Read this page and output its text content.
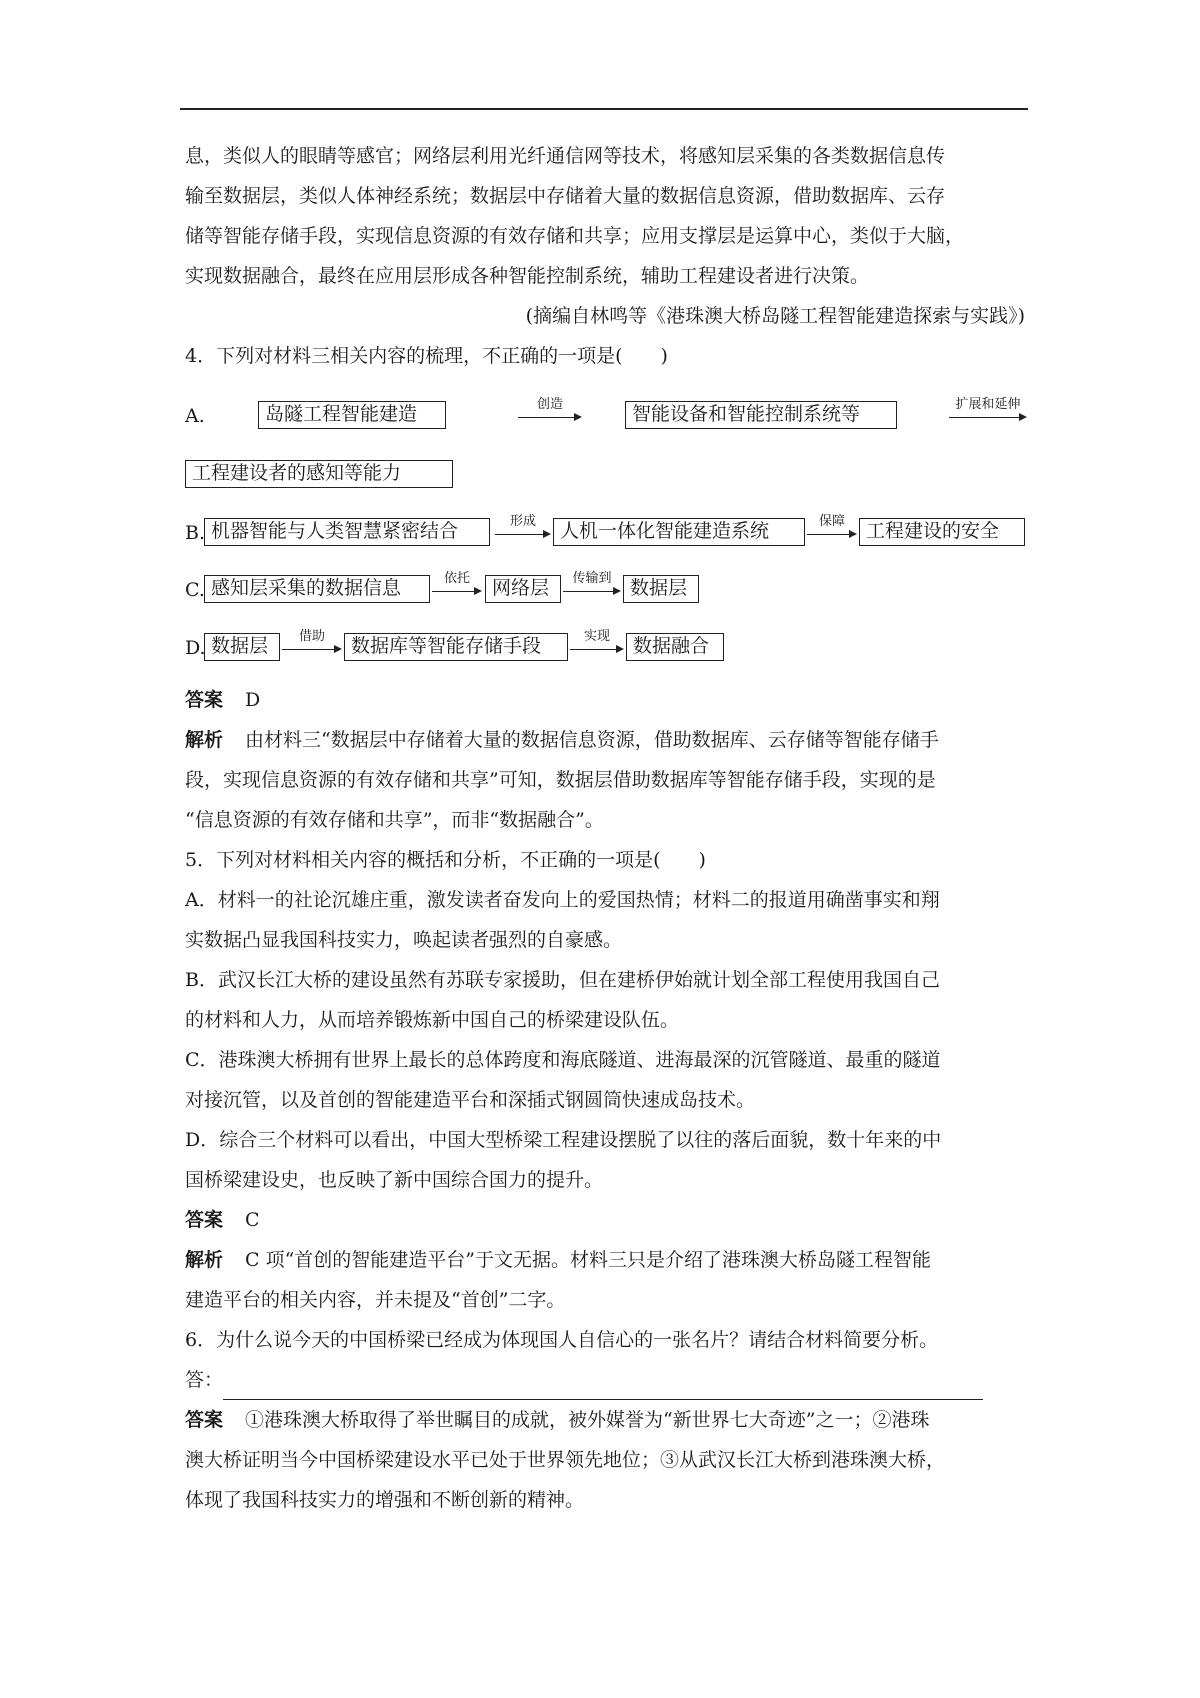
息，类似人的眼睛等感官；网络层利用光纤通信网等技术，将感知层采集的各类数据信息传

输至数据层，类似人体神经系统；数据层中存储着大量的数据信息资源，借助数据库、云存

储等智能存储手段，实现信息资源的有效存储和共享；应用支撑层是运算中心，类似于大脑，

实现数据融合，最终在应用层形成各种智能控制系统，辅助工程建设者进行决策。

(摘编自林鸣等《港珠澳大桥岛隧工程智能建造探索与实践》)

4．下列对材料三相关内容的梳理，不正确的一项是(　　)

A.	岛隧工程智能建造	创造	智能设备和智能控制系统等	扩展和延伸
工程建设者的感知等能力
B. 机器智能与人类智慧紧密结合	形成	人机一体化智能建造系统	保障	工程建设的安全
C. 感知层采集的数据信息	依托	网络层	传输到 数据层
D. 数据层	借助	数据库等智能存储手段	实现	数据融合

答案 D

解析 由材料三“数据层中存储着大量的数据信息资源，借助数据库、云存储等智能存储手

段，实现信息资源的有效存储和共享”可知，数据层借助数据库等智能存储手段，实现的是

“信息资源的有效存储和共享”，而非“数据融合”。

5．下列对材料相关内容的概括和分析，不正确的一项是(　　)

A．材料一的社论沉雄庄重，激发读者奋发向上的爱国热情；材料二的报道用确凿事实和翔

实数据凸显我国科技实力，唤起读者强烈的自豪感。

B．武汉长江大桥的建设虽然有苏联专家援助，但在建桥伊始就计划全部工程使用我国自己

的材料和人力，从而培养锻炼新中国自己的桥梁建设队伍。

C．港珠澳大桥拥有世界上最长的总体跨度和海底隧道、进海最深的沉管隧道、最重的隧道

对接沉管，以及首创的智能建造平台和深插式钢圆筒快速成岛技术。

D．综合三个材料可以看出，中国大型桥梁工程建设摆脱了以往的落后面貌，数十年来的中

国桥梁建设史，也反映了新中国综合国力的提升。

答案 C

解析 C 项“首创的智能建造平台”于文无据。材料三只是介绍了港珠澳大桥岛隧工程智能

建造平台的相关内容，并未提及“首创”二字。

6．为什么说今天的中国桥梁已经成为体现国人自信心的一张名片？请结合材料简要分析。

答：

答案 ①港珠澳大桥取得了举世瞩目的成就，被外媒誉为“新世界七大奇迹”之一；②港珠

澳大桥证明当今中国桥梁建设水平已处于世界领先地位；③从武汉长江大桥到港珠澳大桥，

体现了我国科技实力的增强和不断创新的精神。
